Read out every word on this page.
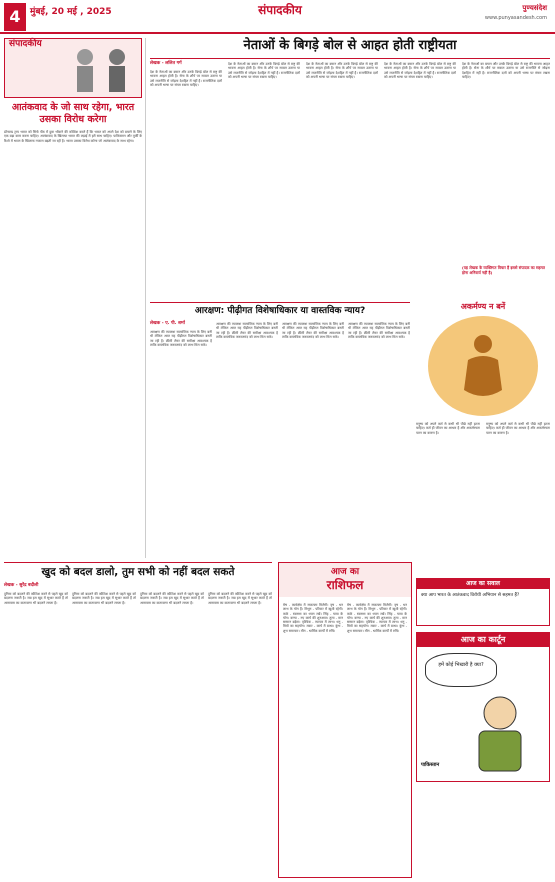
4	मुंबई, 20 मई , 2025	संपादकीय	पुण्यसंदेश
www.punyasandesh.com
संपादकीय
आतंकवाद के जो साथ रहेगा, भारत उसका विरोध करेगा
डॉनाल्ड ट्रम्प भारत को सिर्फ पीठ में छुरा भोंकने की कोशिश करते हैं कि भारत को अपने देश को बचाने के लिए एक बड़ा काम करना चाहिए। आतंकवाद के खिलाफ भारत की लड़ाई में हमें साथ चाहिए। पाकिस्तान और तुर्की के रिश्ते में भारत के खिलाफ नफरत बढ़ती जा रही है। भारत उसका विरोध करेगा जो आतंकवाद के साथ रहेगा।
नेताओं के बिगड़े बोल से आहत होती राष्ट्रीयता
लेखक - ललित गर्ग
देश के नेताओं का बयान और उनके बिगड़े बोल से राष्ट्र की भावना आहत होती है। सेना के शौर्य पर सवाल उठाना या उसे राजनीति से जोड़ना देशहित में नहीं है। राजनीतिक दलों को अपनी भाषा पर संयम रखना चाहिए।
देश के नेताओं का बयान और उनके बिगड़े बोल से राष्ट्र की भावना आहत होती है। सेना के शौर्य पर सवाल उठाना या उसे राजनीति से जोड़ना देशहित में नहीं है। राजनीतिक दलों को अपनी भाषा पर संयम रखना चाहिए।
देश के नेताओं का बयान और उनके बिगड़े बोल से राष्ट्र की भावना आहत होती है। सेना के शौर्य पर सवाल उठाना या उसे राजनीति से जोड़ना देशहित में नहीं है। राजनीतिक दलों को अपनी भाषा पर संयम रखना चाहिए।
देश के नेताओं का बयान और उनके बिगड़े बोल से राष्ट्र की भावना आहत होती है। सेना के शौर्य पर सवाल उठाना या उसे राजनीति से जोड़ना देशहित में नहीं है। राजनीतिक दलों को अपनी भाषा पर संयम रखना चाहिए।
देश के नेताओं का बयान और उनके बिगड़े बोल से राष्ट्र की भावना आहत होती है। सेना के शौर्य पर सवाल उठाना या उसे राजनीति से जोड़ना देशहित में नहीं है। राजनीतिक दलों को अपनी भाषा पर संयम रखना चाहिए।
(यह लेखक के व्यक्तिगत विचार हैं इससे संपादक का सहमत होना अनिवार्य नहीं है)
आरक्षण: पीढ़ीगत विशेषाधिकार या वास्तविक न्याय?
लेखक - ए. पी. शर्मा
आरक्षण की व्यवस्था सामाजिक न्याय के लिए बनी थी लेकिन आज यह पीढ़ीगत विशेषाधिकार बनती जा रही है। क्रीमी लेयर की समीक्षा आवश्यक है ताकि वास्तविक जरूरतमंद को लाभ मिल सके।
आरक्षण की व्यवस्था सामाजिक न्याय के लिए बनी थी लेकिन आज यह पीढ़ीगत विशेषाधिकार बनती जा रही है। क्रीमी लेयर की समीक्षा आवश्यक है ताकि वास्तविक जरूरतमंद को लाभ मिल सके।
आरक्षण की व्यवस्था सामाजिक न्याय के लिए बनी थी लेकिन आज यह पीढ़ीगत विशेषाधिकार बनती जा रही है। क्रीमी लेयर की समीक्षा आवश्यक है ताकि वास्तविक जरूरतमंद को लाभ मिल सके।
आरक्षण की व्यवस्था सामाजिक न्याय के लिए बनी थी लेकिन आज यह पीढ़ीगत विशेषाधिकार बनती जा रही है। क्रीमी लेयर की समीक्षा आवश्यक है ताकि वास्तविक जरूरतमंद को लाभ मिल सके।
अकर्मण्य न बनें
मनुष्य को अपने कर्म से कभी भी पीछे नहीं हटना चाहिए। कर्म ही जीवन का आधार है और अकर्मण्यता पतन का कारण है।
मनुष्य को अपने कर्म से कभी भी पीछे नहीं हटना चाहिए। कर्म ही जीवन का आधार है और अकर्मण्यता पतन का कारण है।
आज का सवाल
क्या आप भारत के आतंकवाद विरोधी अभियान से सहमत हैं?
आज का कार्टून
हमें कोई भिखारी है क्या?
पाकिस्तान
खुद को बदल डालो, तुम सभी को नहीं बदल सकते
लेखक - सुरेंद्र बदौली
दुनिया को बदलने की कोशिश करने से पहले खुद को बदलना जरूरी है। जब हम खुद में सुधार करते हैं तो आसपास का वातावरण भी बदलने लगता है।
दुनिया को बदलने की कोशिश करने से पहले खुद को बदलना जरूरी है। जब हम खुद में सुधार करते हैं तो आसपास का वातावरण भी बदलने लगता है।
दुनिया को बदलने की कोशिश करने से पहले खुद को बदलना जरूरी है। जब हम खुद में सुधार करते हैं तो आसपास का वातावरण भी बदलने लगता है।
दुनिया को बदलने की कोशिश करने से पहले खुद को बदलना जरूरी है। जब हम खुद में सुधार करते हैं तो आसपास का वातावरण भी बदलने लगता है।
आज का
राशिफल
मेष - कार्यक्षेत्र में सफलता मिलेगी। वृष - धन लाभ के योग हैं। मिथुन - परिवार में खुशी रहेगी। कर्क - स्वास्थ्य का ध्यान रखें। सिंह - यात्रा के योग। कन्या - नए कार्य की शुरुआत। तुला - मान सम्मान बढ़ेगा। वृश्चिक - व्यापार में लाभ। धनु - मित्रों का सहयोग। मकर - कार्य में बाधा। कुंभ - शुभ समाचार। मीन - धार्मिक कार्यों में रुचि।
मेष - कार्यक्षेत्र में सफलता मिलेगी। वृष - धन लाभ के योग हैं। मिथुन - परिवार में खुशी रहेगी। कर्क - स्वास्थ्य का ध्यान रखें। सिंह - यात्रा के योग। कन्या - नए कार्य की शुरुआत। तुला - मान सम्मान बढ़ेगा। वृश्चिक - व्यापार में लाभ। धनु - मित्रों का सहयोग। मकर - कार्य में बाधा। कुंभ - शुभ समाचार। मीन - धार्मिक कार्यों में रुचि।
